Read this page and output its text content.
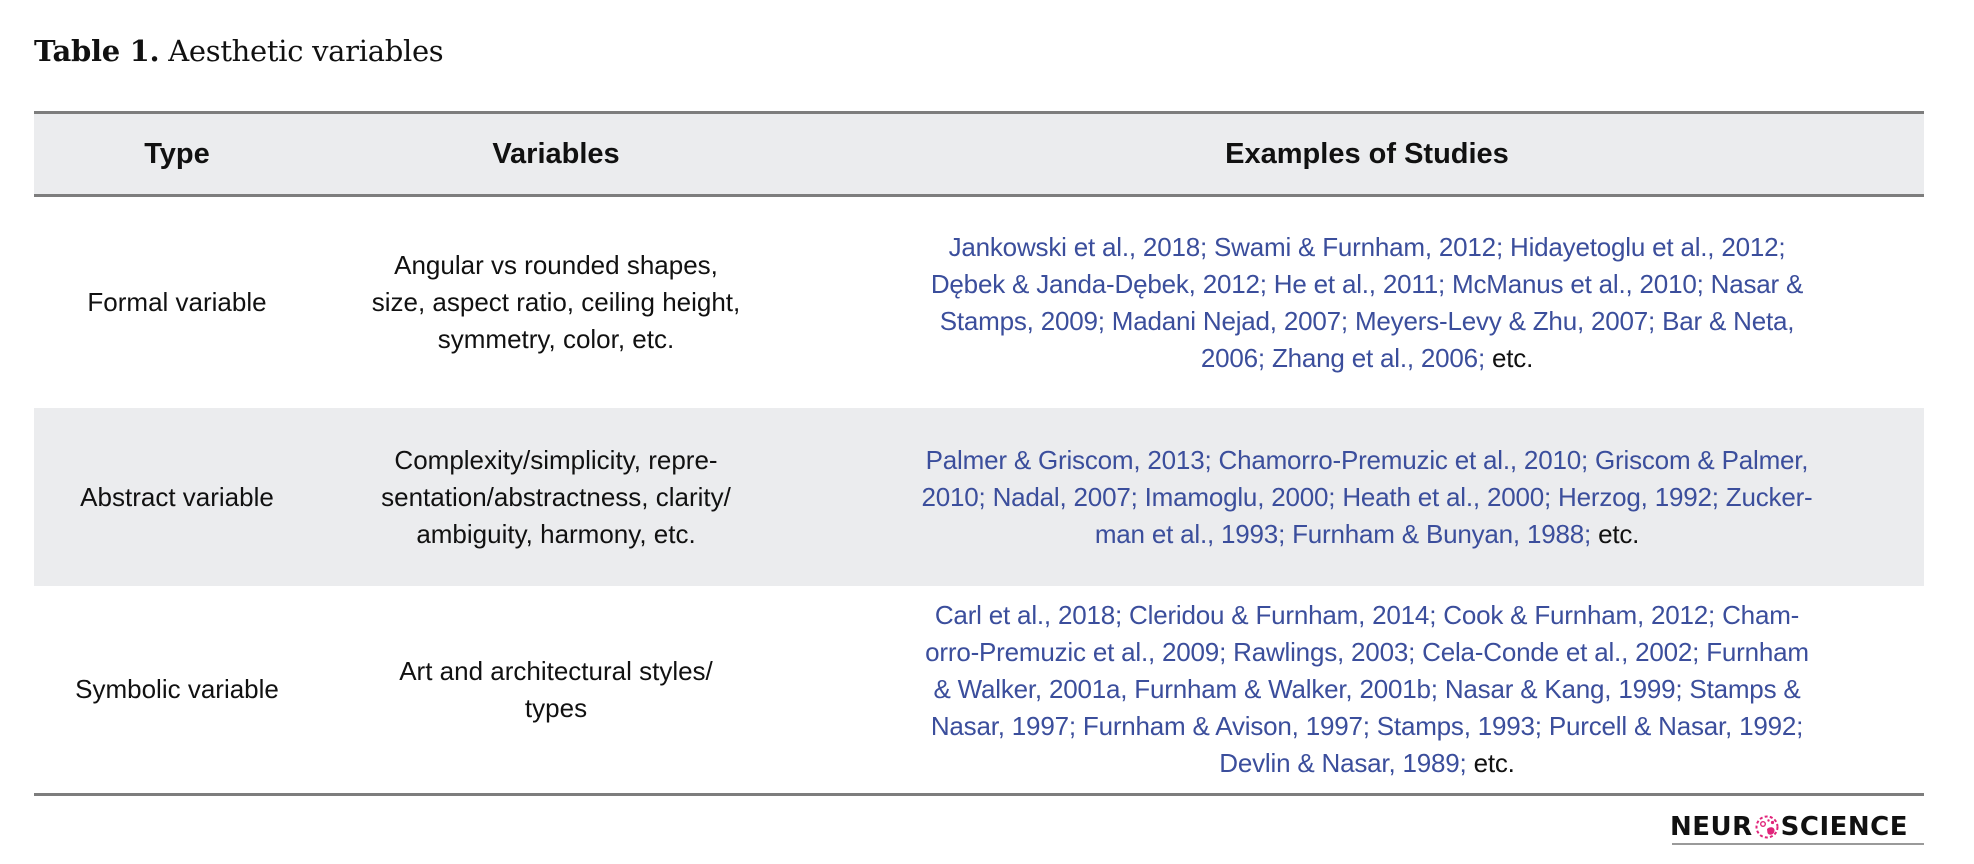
Table 1. Aesthetic variables
Type	Variables	Examples of Studies
Formal variable
Angular vs rounded shapes,
size, aspect ratio, ceiling height,
symmetry, color, etc.
Jankowski et al., 2018; Swami & Furnham, 2012; Hidayetoglu et al., 2012;
Dębek & Janda-Dębek, 2012; He et al., 2011; McManus et al., 2010; Nasar &
Stamps, 2009; Madani Nejad, 2007; Meyers-Levy & Zhu, 2007; Bar & Neta,
2006; Zhang et al., 2006; etc.
Abstract variable
Complexity/simplicity, repre-
sentation/abstractness, clarity/
ambiguity, harmony, etc.
Palmer & Griscom, 2013; Chamorro-Premuzic et al., 2010; Griscom & Palmer,
2010; Nadal, 2007; Imamoglu, 2000; Heath et al., 2000; Herzog, 1992; Zucker-
man et al., 1993; Furnham & Bunyan, 1988; etc.
Symbolic variable
Art and architectural styles/
types
Carl et al., 2018; Cleridou & Furnham, 2014; Cook & Furnham, 2012; Cham-
orro-Premuzic et al., 2009; Rawlings, 2003; Cela-Conde et al., 2002; Furnham
& Walker, 2001a, Furnham & Walker, 2001b; Nasar & Kang, 1999; Stamps &
Nasar, 1997; Furnham & Avison, 1997; Stamps, 1993; Purcell & Nasar, 1992;
Devlin & Nasar, 1989; etc.
NEUR SCIENCE
